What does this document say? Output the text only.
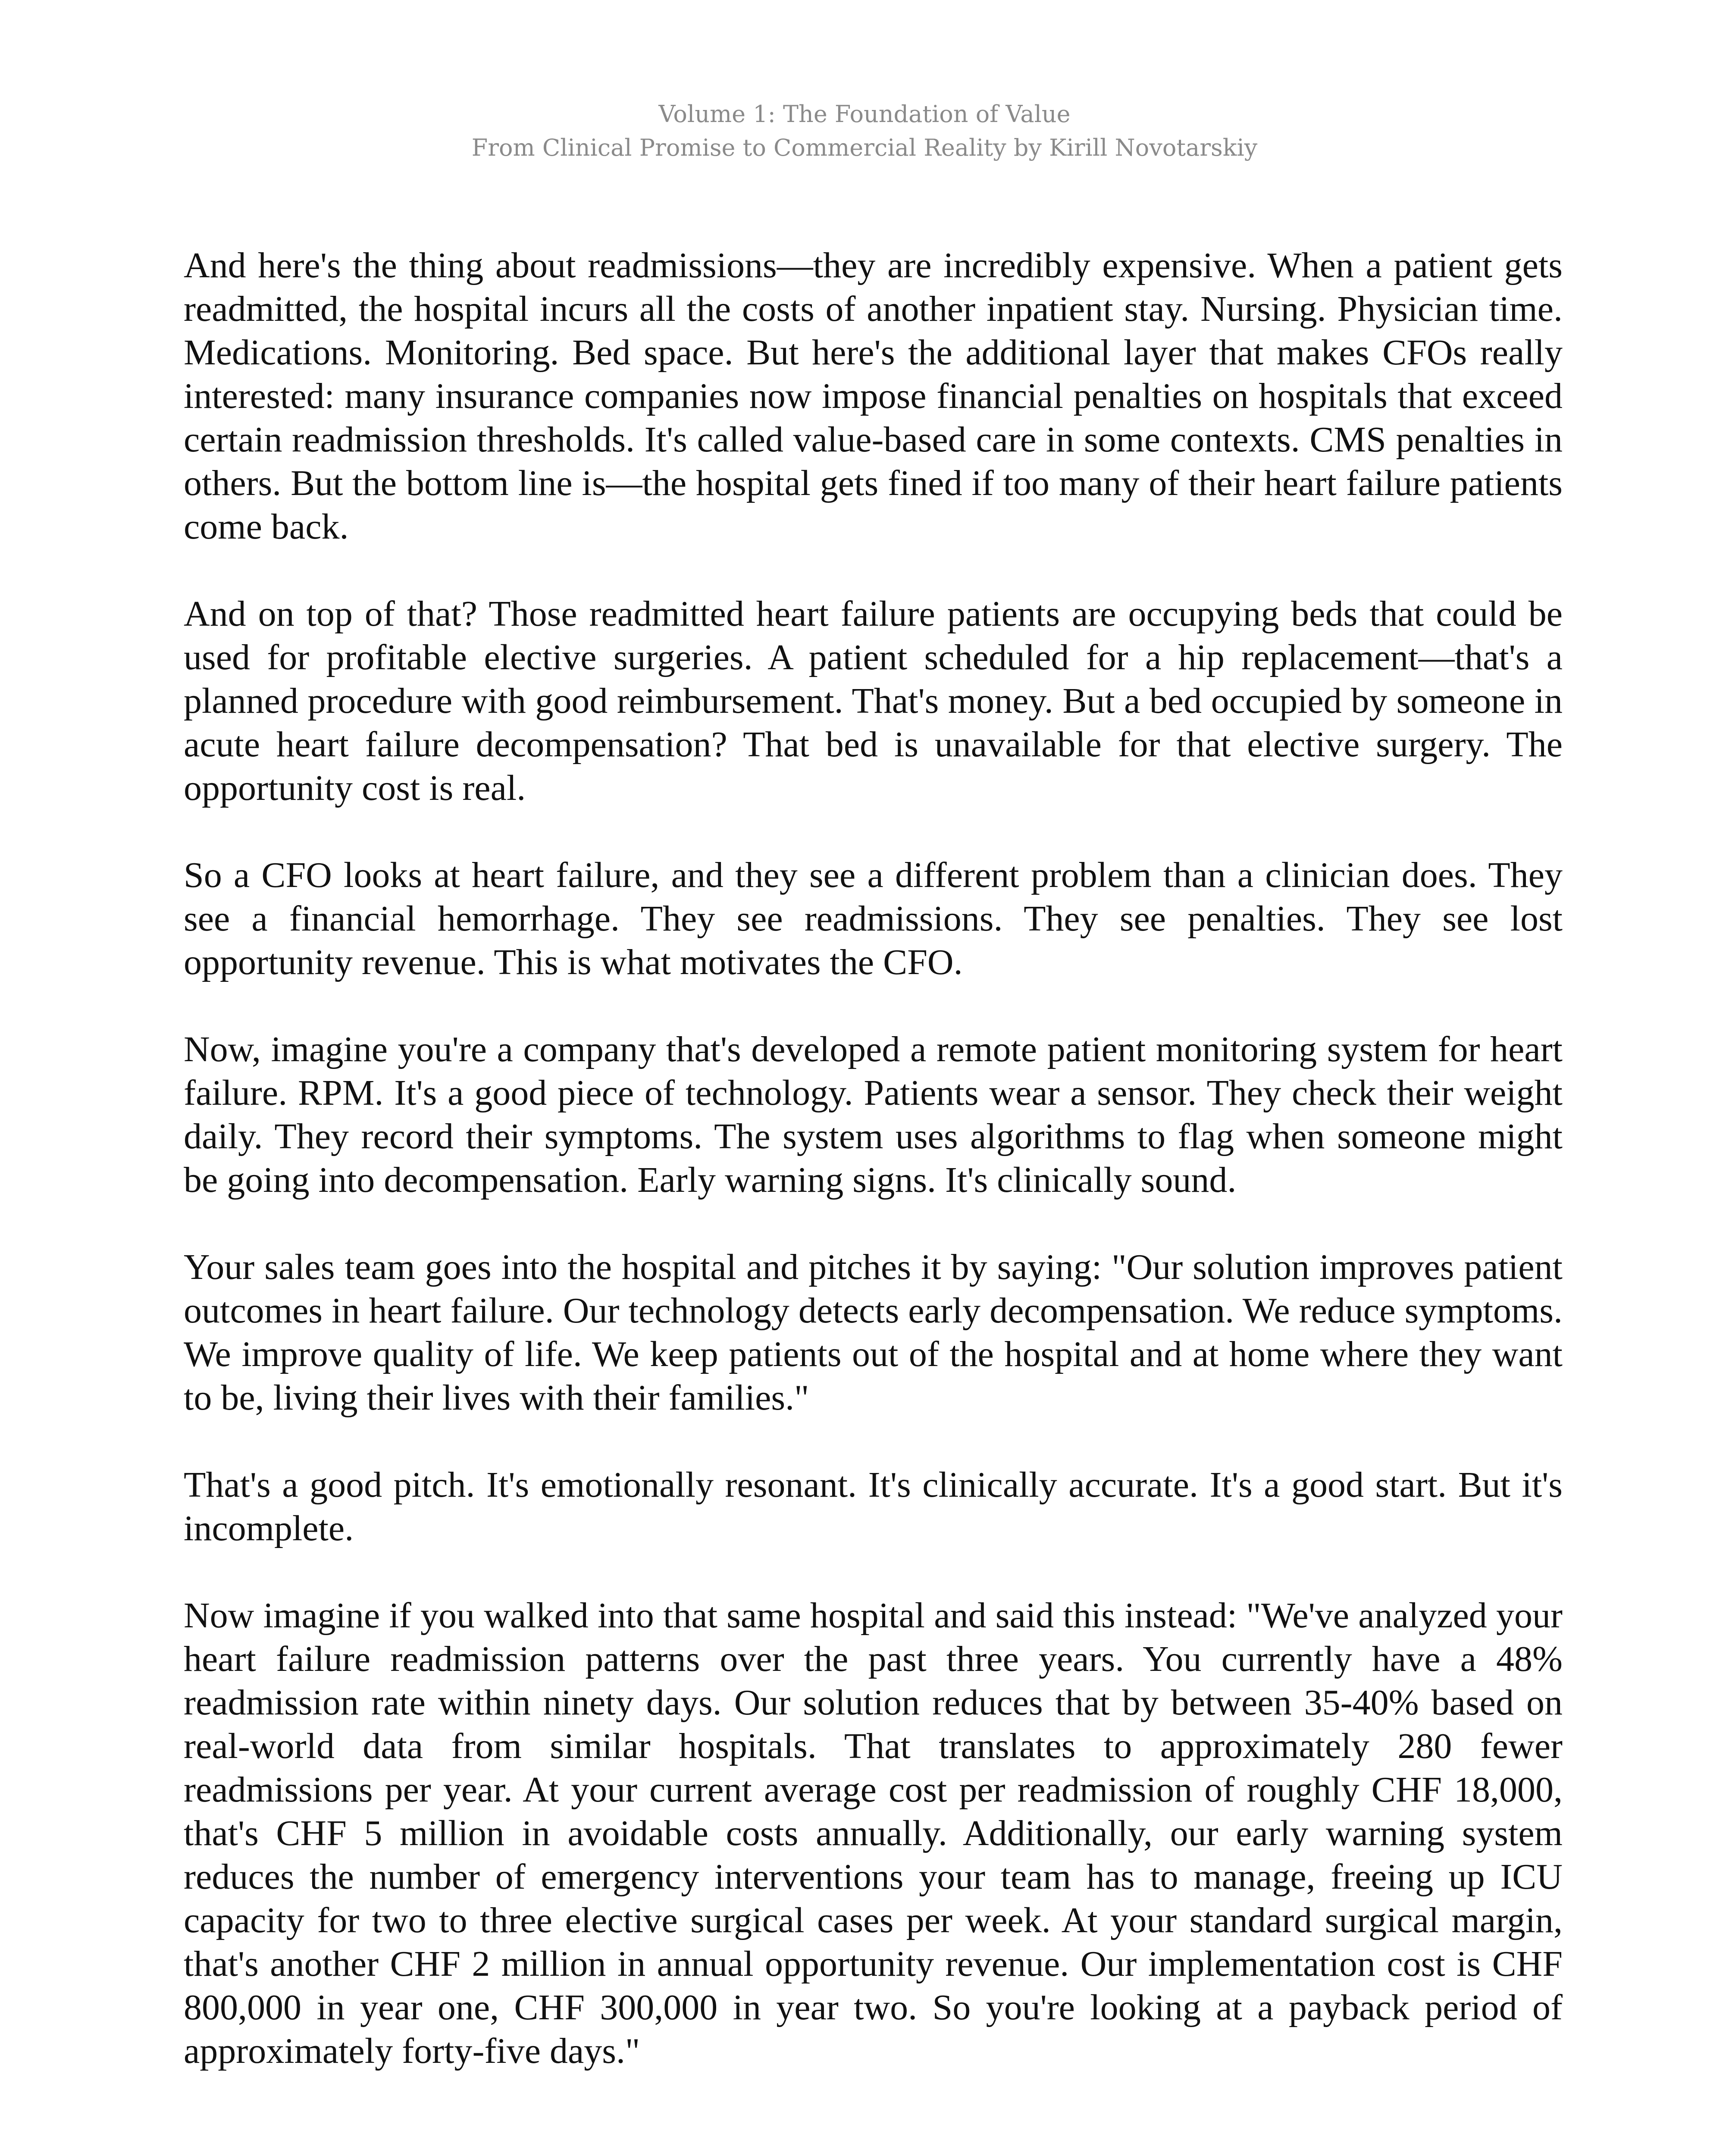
Volume 1: The Foundation of Value
From Clinical Promise to Commercial Reality by Kirill Novotarskiy

And here's the thing about readmissions—they are incredibly expensive. When a patient gets readmitted, the hospital incurs all the costs of another inpatient stay. Nursing. Physician time. Medications. Monitoring. Bed space. But here's the additional layer that makes CFOs really interested: many insurance companies now impose financial penalties on hospitals that exceed certain readmission thresholds. It's called value-based care in some contexts. CMS penalties in others. But the bottom line is—the hospital gets fined if too many of their heart failure patients come back.

And on top of that? Those readmitted heart failure patients are occupying beds that could be used for profitable elective surgeries. A patient scheduled for a hip replacement—that's a planned procedure with good reimbursement. That's money. But a bed occupied by someone in acute heart failure decompensation? That bed is unavailable for that elective surgery. The opportunity cost is real.

So a CFO looks at heart failure, and they see a different problem than a clinician does. They see a financial hemorrhage. They see readmissions. They see penalties. They see lost opportunity revenue. This is what motivates the CFO.

Now, imagine you're a company that's developed a remote patient monitoring system for heart failure. RPM. It's a good piece of technology. Patients wear a sensor. They check their weight daily. They record their symptoms. The system uses algorithms to flag when someone might be going into decompensation. Early warning signs. It's clinically sound.

Your sales team goes into the hospital and pitches it by saying: "Our solution improves patient outcomes in heart failure. Our technology detects early decompensation. We reduce symptoms. We improve quality of life. We keep patients out of the hospital and at home where they want to be, living their lives with their families."

That's a good pitch. It's emotionally resonant. It's clinically accurate. It's a good start. But it's incomplete.

Now imagine if you walked into that same hospital and said this instead: "We've analyzed your heart failure readmission patterns over the past three years. You currently have a 48% readmission rate within ninety days. Our solution reduces that by between 35-40% based on real-world data from similar hospitals. That translates to approximately 280 fewer readmissions per year. At your current average cost per readmission of roughly CHF 18,000, that's CHF 5 million in avoidable costs annually. Additionally, our early warning system reduces the number of emergency interventions your team has to manage, freeing up ICU capacity for two to three elective surgical cases per week. At your standard surgical margin, that's another CHF 2 million in annual opportunity revenue. Our implementation cost is CHF 800,000 in year one, CHF 300,000 in year two. So you're looking at a payback period of approximately forty-five days."
